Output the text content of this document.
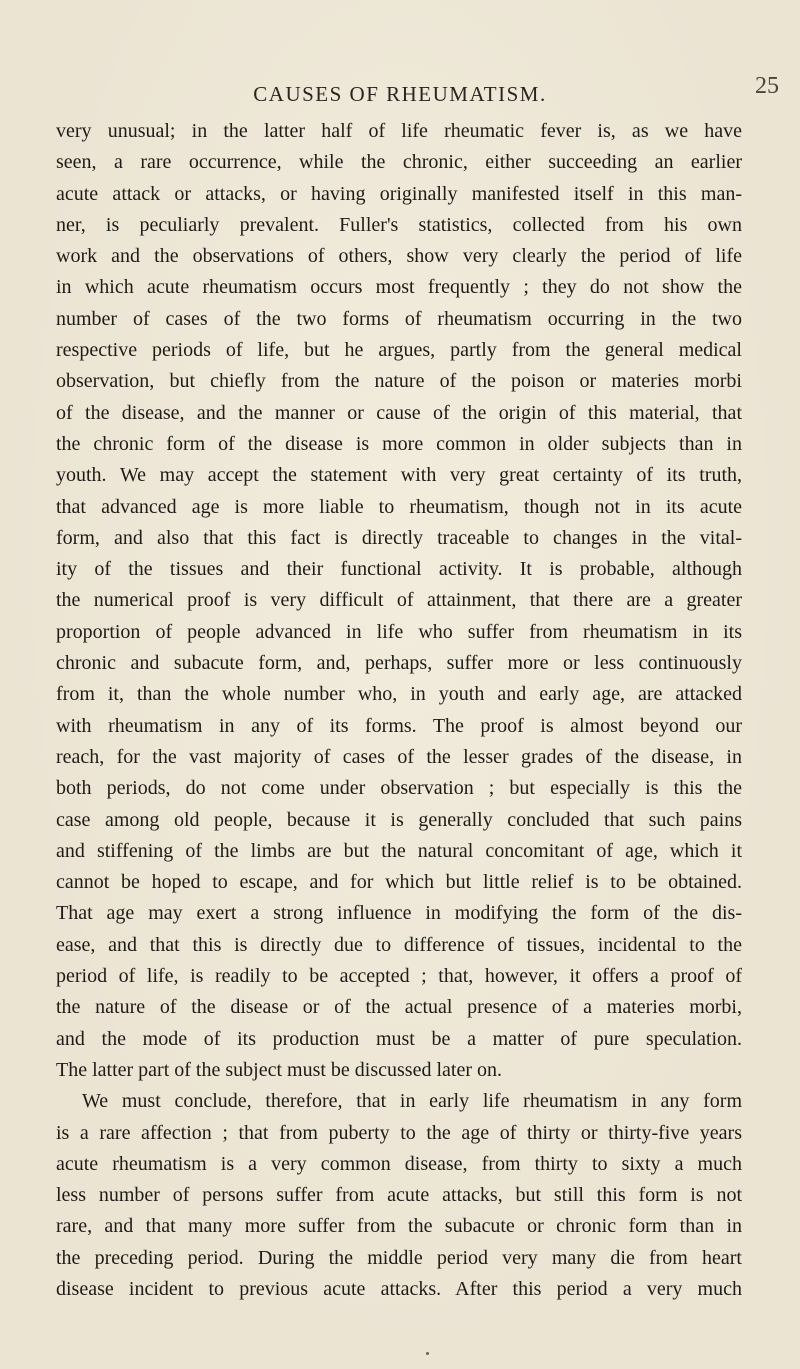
CAUSES OF RHEUMATISM.	25
very unusual; in the latter half of life rheumatic fever is, as we have
seen, a rare occurrence, while the chronic, either succeeding an earlier
acute attack or attacks, or having originally manifested itself in this man-
ner, is peculiarly prevalent. Fuller's statistics, collected from his own
work and the observations of others, show very clearly the period of life
in which acute rheumatism occurs most frequently ; they do not show the
number of cases of the two forms of rheumatism occurring in the two
respective periods of life, but he argues, partly from the general medical
observation, but chiefly from the nature of the poison or materies morbi
of the disease, and the manner or cause of the origin of this material, that
the chronic form of the disease is more common in older subjects than in
youth. We may accept the statement with very great certainty of its truth,
that advanced age is more liable to rheumatism, though not in its acute
form, and also that this fact is directly traceable to changes in the vital-
ity of the tissues and their functional activity. It is probable, although
the numerical proof is very difficult of attainment, that there are a greater
proportion of people advanced in life who suffer from rheumatism in its
chronic and subacute form, and, perhaps, suffer more or less continuously
from it, than the whole number who, in youth and early age, are attacked
with rheumatism in any of its forms. The proof is almost beyond our
reach, for the vast majority of cases of the lesser grades of the disease, in
both periods, do not come under observation ; but especially is this the
case among old people, because it is generally concluded that such pains
and stiffening of the limbs are but the natural concomitant of age, which it
cannot be hoped to escape, and for which but little relief is to be obtained.
That age may exert a strong influence in modifying the form of the dis-
ease, and that this is directly due to difference of tissues, incidental to the
period of life, is readily to be accepted ; that, however, it offers a proof of
the nature of the disease or of the actual presence of a materies morbi,
and the mode of its production must be a matter of pure speculation.
The latter part of the subject must be discussed later on.
We must conclude, therefore, that in early life rheumatism in any form
is a rare affection ; that from puberty to the age of thirty or thirty-five years
acute rheumatism is a very common disease, from thirty to sixty a much
less number of persons suffer from acute attacks, but still this form is not
rare, and that many more suffer from the subacute or chronic form than in
the preceding period. During the middle period very many die from heart
disease incident to previous acute attacks. After this period a very much
